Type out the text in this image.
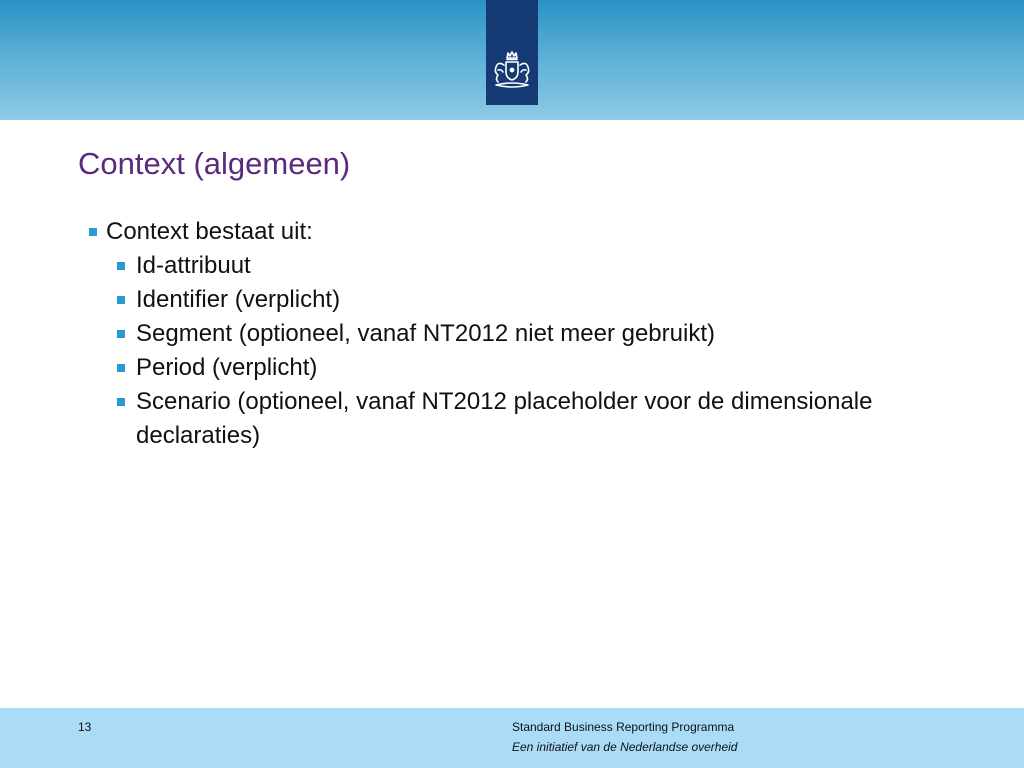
Context (algemeen)
Context bestaat uit:
Id-attribuut
Identifier (verplicht)
Segment (optioneel, vanaf NT2012 niet meer gebruikt)
Period (verplicht)
Scenario (optioneel, vanaf NT2012 placeholder voor de dimensionale declaraties)
13	Standard Business Reporting Programma
Een initiatief van de Nederlandse overheid
